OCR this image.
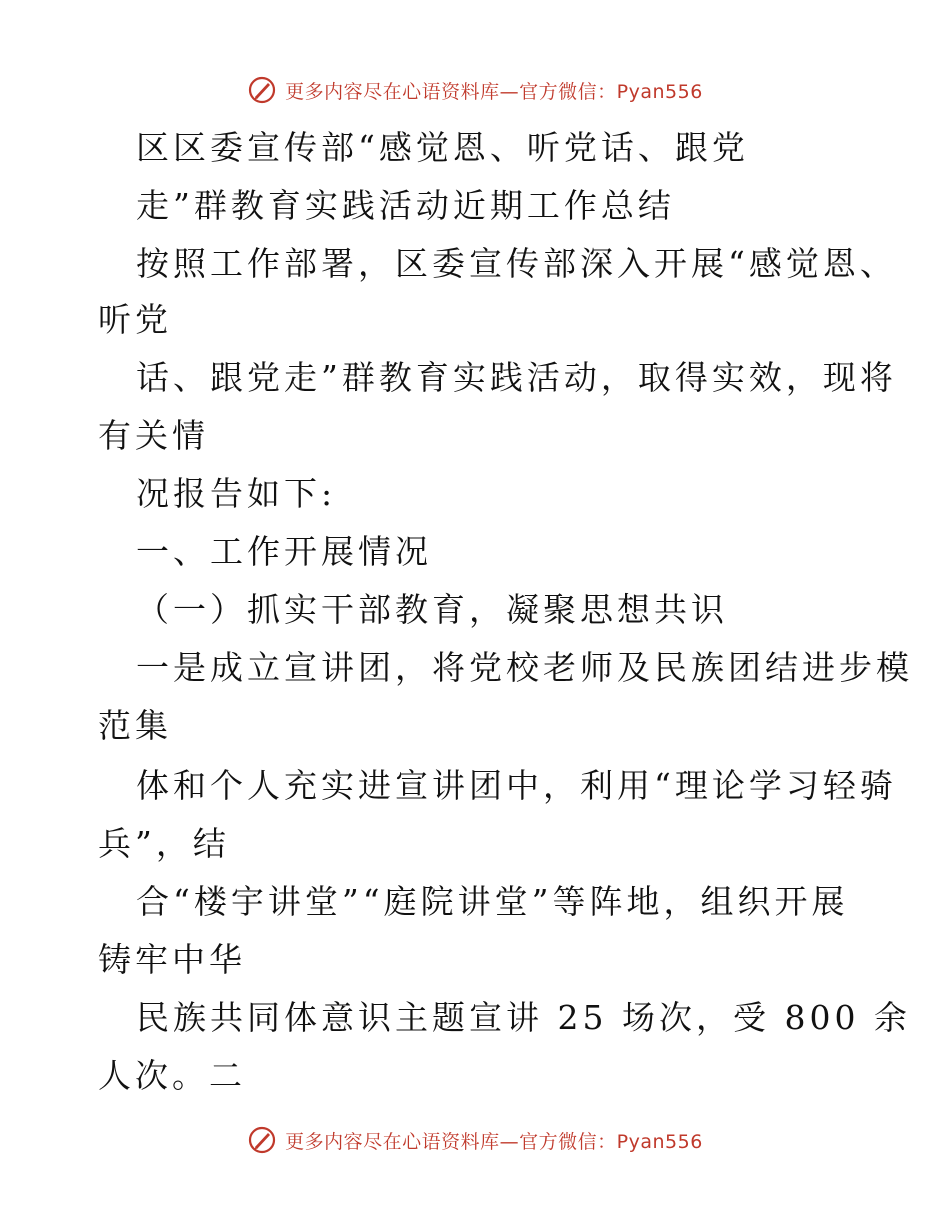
更多内容尽在心语资料库—官方微信：Pyan556

区区委宣传部“感觉恩、听党话、跟党

走”群教育实践活动近期工作总结

按照工作部署，区委宣传部深入开展“感觉恩、

听党

话、跟党走”群教育实践活动，取得实效，现将

有关情

况报告如下:

一、工作开展情况

（一）抓实干部教育，凝聚思想共识

一是成立宣讲团，将党校老师及民族团结进步模

范集

体和个人充实进宣讲团中，利用“理论学习轻骑

兵”，结

合“楼宇讲堂”“庭院讲堂”等阵地，组织开展

铸牢中华

民族共同体意识主题宣讲 25 场次，受 800 余

人次。二

更多内容尽在心语资料库—官方微信：Pyan556
